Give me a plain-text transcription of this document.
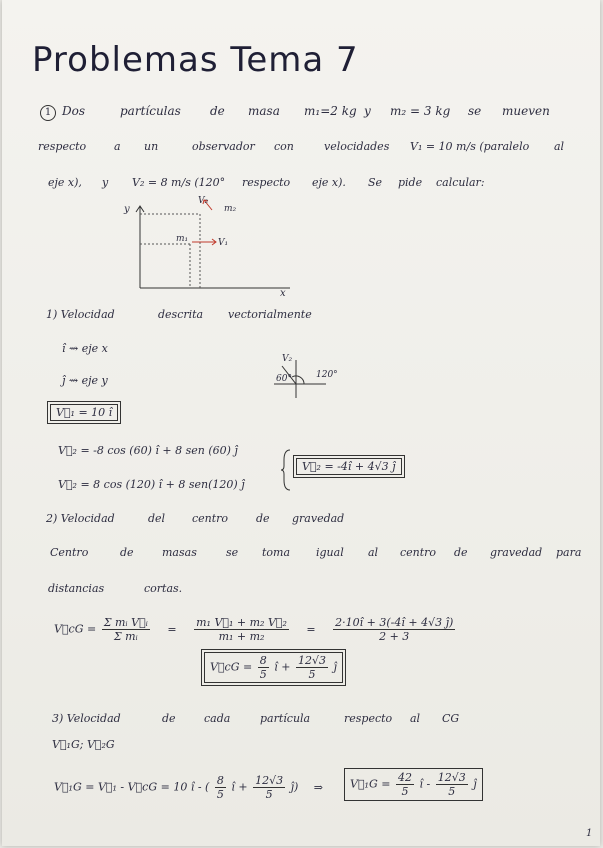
Problemas Tema 7
1 Dos	partículas de masa m₁=2 kg y m₂ = 3 kg se mueven
respecto	a un	observador con	velocidades V₁ = 10 m/s (paralelo al
eje x), y V₂ = 8 m/s (120° respecto eje x). Se pide calcular:
y
x
V₂
m₂
m₁	V₁
1) Velocidad	descrita vectorialmente
î ⇝ eje x
ĵ ⇝ eje y
V⃗₁ = 10 î
V⃗₂ = -8 cos (60) î + 8 sen (60) ĵ
V⃗₂ = 8 cos (120) î + 8 sen(120) ĵ
V⃗₂ = -4î + 4√3 ĵ
V₂
60°	120°
2) Velocidad	del centro	de gravedad
Centro	de	masas	se toma igual al centro de gravedad para
distancias	cortas.
V⃗cG = $\frac{\text{Σ mᵢ V⃗ᵢ}}{\text{Σ mᵢ}} = \frac{\text{m₁ V⃗₁ + m₂ V⃗₂}}{\text{m₁ + m₂}} = \frac{2\cdot 10î + 3(-4î + 4√3 ĵ)}{2 + 3}$
V⃗cG = $\frac{8}{5}$ î + $\frac{12√3}{5}$ ĵ
3) Velocidad	de	cada	partícula	respecto al CG
V⃗₁G; V⃗₂G
V⃗₁G = V⃗₁ - V⃗cG = 10 î - ( $\frac{8}{5}$ î + $\frac{12√3}{5}$ ĵ) ⇒	V⃗₁G = $\frac{42}{5}$ î - $\frac{12√3}{5}$ ĵ
1
